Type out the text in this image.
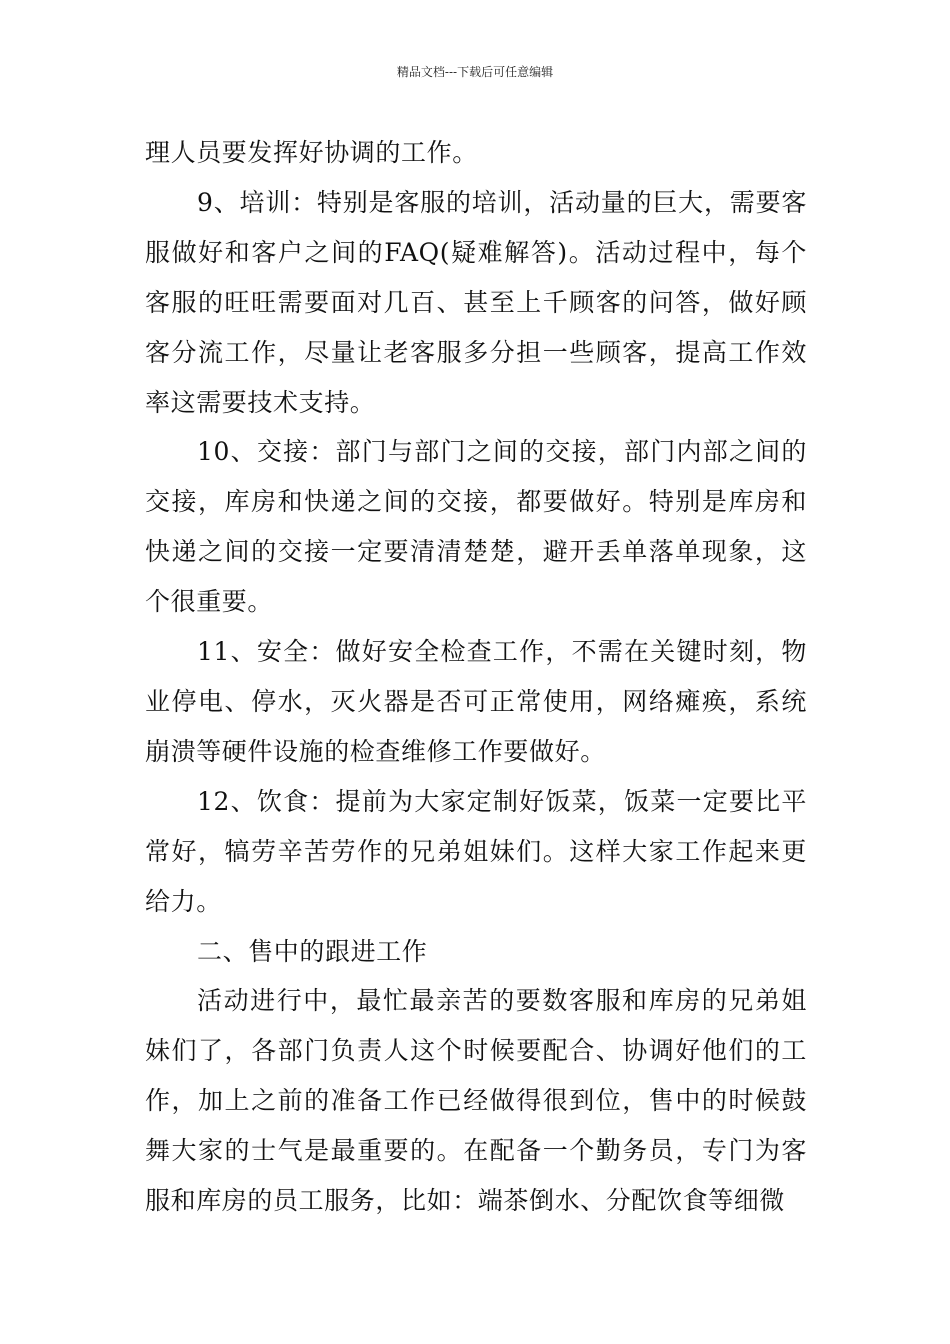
精品文档---下载后可任意编辑

理人员要发挥好协调的工作。

9、培训：特别是客服的培训，活动量的巨大，需要客服做好和客户之间的FAQ(疑难解答)。活动过程中，每个客服的旺旺需要面对几百、甚至上千顾客的问答，做好顾客分流工作，尽量让老客服多分担一些顾客，提高工作效率这需要技术支持。

10、交接：部门与部门之间的交接，部门内部之间的交接，库房和快递之间的交接，都要做好。特别是库房和快递之间的交接一定要清清楚楚，避开丢单落单现象，这个很重要。

11、安全：做好安全检查工作，不需在关键时刻，物业停电、停水，灭火器是否可正常使用，网络瘫痪，系统崩溃等硬件设施的检查维修工作要做好。

12、饮食：提前为大家定制好饭菜，饭菜一定要比平常好，犒劳辛苦劳作的兄弟姐妹们。这样大家工作起来更给力。

二、售中的跟进工作

活动进行中，最忙最亲苦的要数客服和库房的兄弟姐妹们了，各部门负责人这个时候要配合、协调好他们的工作，加上之前的准备工作已经做得很到位，售中的时候鼓舞大家的士气是最重要的。在配备一个勤务员，专门为客服和库房的员工服务，比如：端茶倒水、分配饮食等细微
